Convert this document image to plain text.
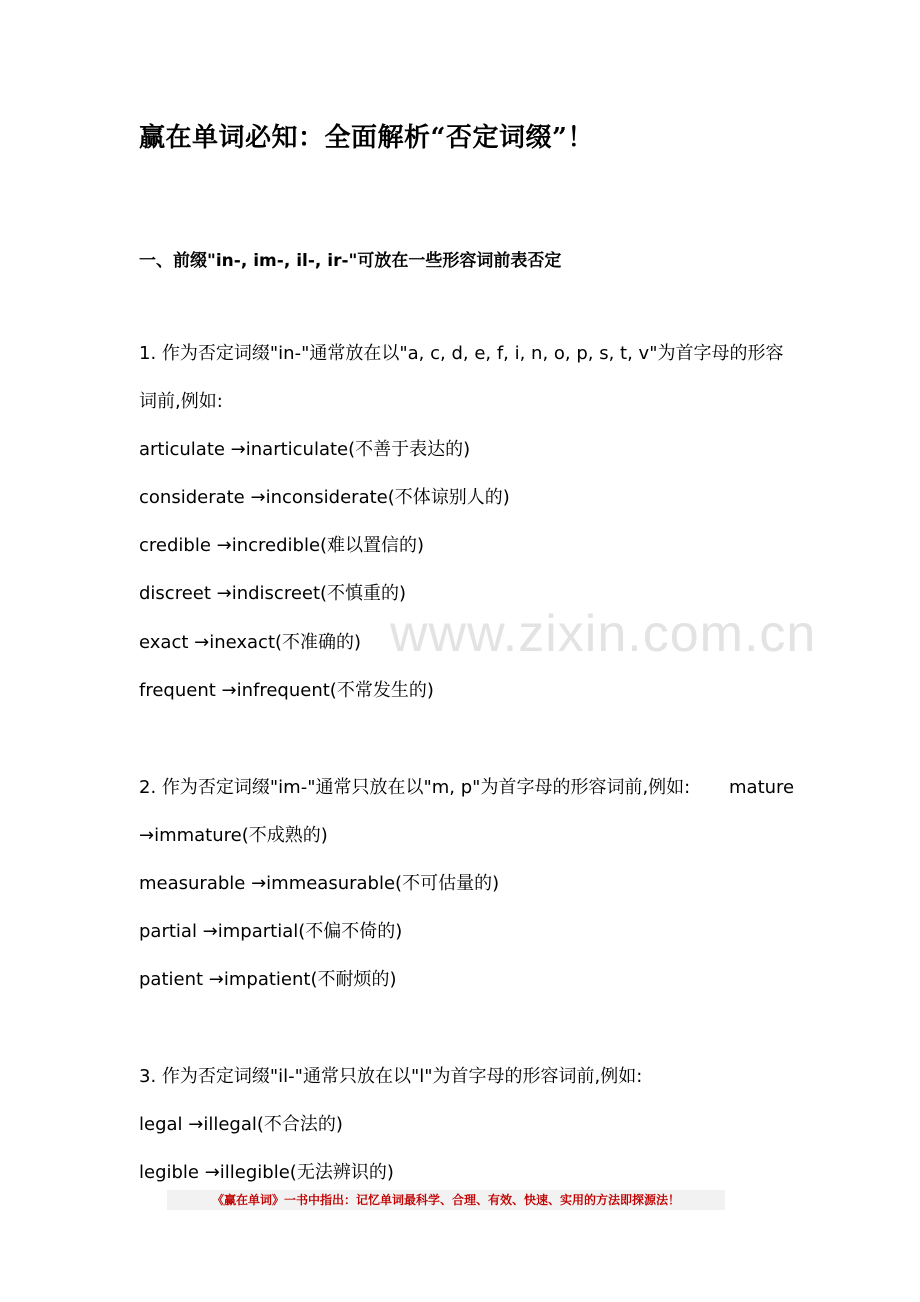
赢在单词必知：全面解析“否定词缀”！
一、前缀"in-, im-, il-, ir-"可放在一些形容词前表否定

1. 作为否定词缀"in-"通常放在以"a, c, d, e, f, i, n, o, p, s, t, v"为首字母的形容

词前,例如:

articulate →inarticulate(不善于表达的)

considerate →inconsiderate(不体谅别人的)

credible →incredible(难以置信的)

discreet →indiscreet(不慎重的)

exact →inexact(不准确的)

frequent →infrequent(不常发生的)

2. 作为否定词缀"im-"通常只放在以"m, p"为首字母的形容词前,例如: mature

→immature(不成熟的)

measurable →immeasurable(不可估量的)

partial →impartial(不偏不倚的)

patient →impatient(不耐烦的)

3. 作为否定词缀"il-"通常只放在以"l"为首字母的形容词前,例如:

legal →illegal(不合法的)

legible →illegible(无法辨识的)

www.zixin.com.cn
《赢在单词》一书中指出：记忆单词最科学、合理、有效、快速、实用的方法即探源法！
